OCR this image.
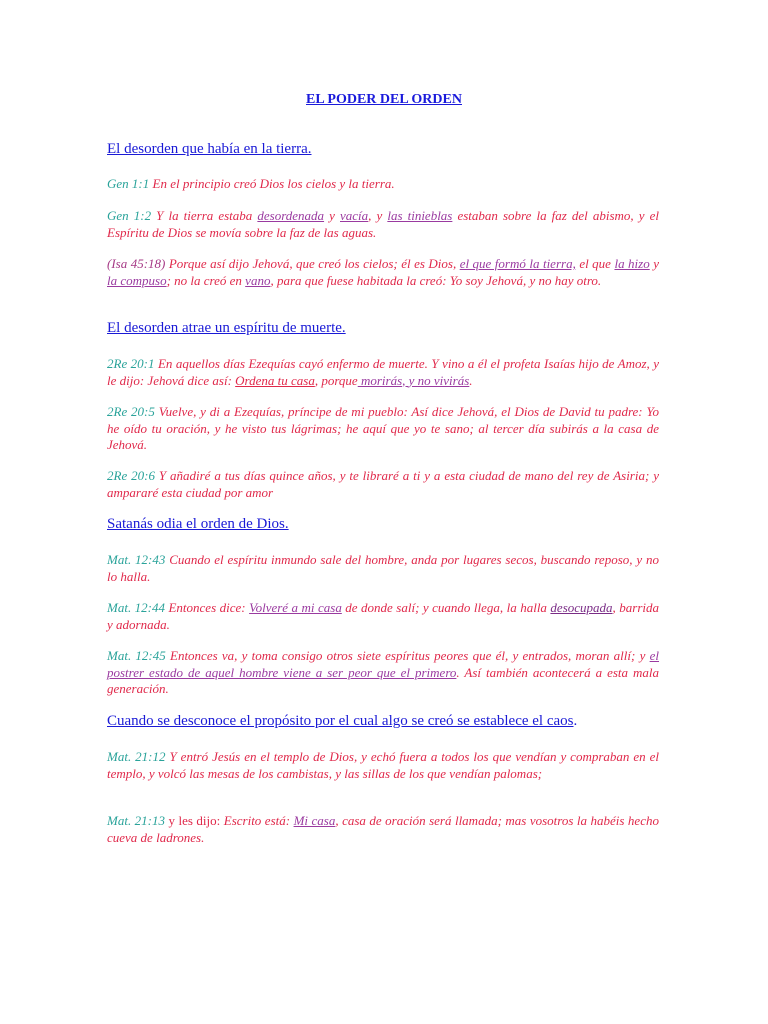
EL PODER DEL ORDEN
El desorden que había en la tierra.
Gen 1:1 En el principio creó Dios los cielos y la tierra.
Gen 1:2 Y la tierra estaba desordenada y vacía, y las tinieblas estaban sobre la faz del abismo, y el Espíritu de Dios se movía sobre la faz de las aguas.
(Isa 45:18) Porque así dijo Jehová, que creó los cielos; él es Dios, el que formó la tierra, el que la hizo y la compuso; no la creó en vano, para que fuese habitada la creó: Yo soy Jehová, y no hay otro.
El desorden atrae un espíritu de muerte.
2Re 20:1 En aquellos días Ezequías cayó enfermo de muerte. Y vino a él el profeta Isaías hijo de Amoz, y le dijo: Jehová dice así: Ordena tu casa, porque morirás, y no vivirás.
2Re 20:5 Vuelve, y di a Ezequías, príncipe de mi pueblo: Así dice Jehová, el Dios de David tu padre: Yo he oído tu oración, y he visto tus lágrimas; he aquí que yo te sano; al tercer día subirás a la casa de Jehová.
2Re 20:6 Y añadiré a tus días quince años, y te libraré a ti y a esta ciudad de mano del rey de Asiria; y ampararé esta ciudad por amor
Satanás odia el orden de Dios.
Mat. 12:43 Cuando el espíritu inmundo sale del hombre, anda por lugares secos, buscando reposo, y no lo halla.
Mat. 12:44 Entonces dice: Volveré a mi casa de donde salí; y cuando llega, la halla desocupada, barrida y adornada.
Mat. 12:45 Entonces va, y toma consigo otros siete espíritus peores que él, y entrados, moran allí; y el postrer estado de aquel hombre viene a ser peor que el primero. Así también acontecerá a esta mala generación.
Cuando se desconoce el propósito por el cual algo se creó se establece el caos.
Mat. 21:12 Y entró Jesús en el templo de Dios, y echó fuera a todos los que vendían y compraban en el templo, y volcó las mesas de los cambistas, y las sillas de los que vendían palomas;
Mat. 21:13 y les dijo: Escrito está: Mi casa, casa de oración será llamada; mas vosotros la habéis hecho cueva de ladrones.
